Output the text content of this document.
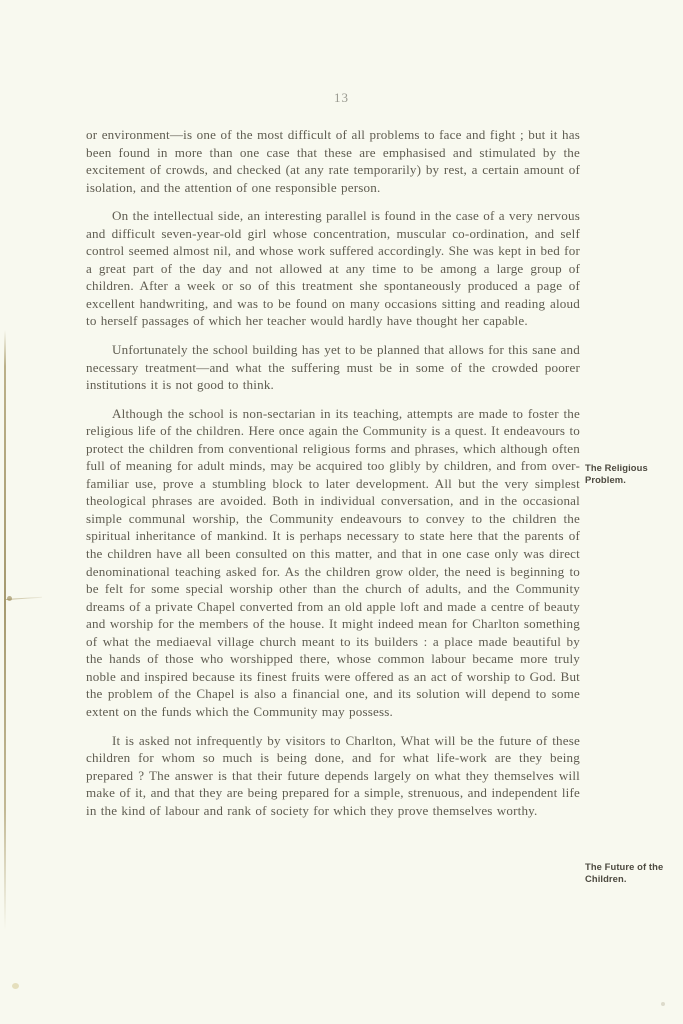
13

or environment—is one of the most difficult of all problems to face and fight ; but it has been found in more than one case that these are emphasised and stimulated by the excitement of crowds, and checked (at any rate temporarily) by rest, a certain amount of isolation, and the attention of one responsible person.

On the intellectual side, an interesting parallel is found in the case of a very nervous and difficult seven-year-old girl whose concentration, muscular co-ordination, and self control seemed almost nil, and whose work suffered accordingly. She was kept in bed for a great part of the day and not allowed at any time to be among a large group of children. After a week or so of this treatment she spontaneously produced a page of excellent handwriting, and was to be found on many occasions sitting and reading aloud to herself passages of which her teacher would hardly have thought her capable.

Unfortunately the school building has yet to be planned that allows for this sane and necessary treatment—and what the suffering must be in some of the crowded poorer institutions it is not good to think.

Although the school is non-sectarian in its teaching, attempts are made to foster the religious life of the children. Here once again the Community is a quest. It endeavours to protect the children from conventional religious forms and phrases, which although often full of meaning for adult minds, may be acquired too glibly by children, and from over-familiar use, prove a stumbling block to later development. All but the very simplest theological phrases are avoided. Both in individual conversation, and in the occasional simple communal worship, the Community endeavours to convey to the children the spiritual inheritance of mankind. It is perhaps necessary to state here that the parents of the children have all been consulted on this matter, and that in one case only was direct denominational teaching asked for. As the children grow older, the need is beginning to be felt for some special worship other than the church of adults, and the Community dreams of a private Chapel converted from an old apple loft and made a centre of beauty and worship for the members of the house. It might indeed mean for Charlton something of what the mediaeval village church meant to its builders : a place made beautiful by the hands of those who worshipped there, whose common labour became more truly noble and inspired because its finest fruits were offered as an act of worship to God. But the problem of the Chapel is also a financial one, and its solution will depend to some extent on the funds which the Community may possess.

It is asked not infrequently by visitors to Charlton, What will be the future of these children for whom so much is being done, and for what life-work are they being prepared ? The answer is that their future depends largely on what they themselves will make of it, and that they are being prepared for a simple, strenuous, and independent life in the kind of labour and rank of society for which they prove themselves worthy.

The Religious Problem.
The Future of the Children.
